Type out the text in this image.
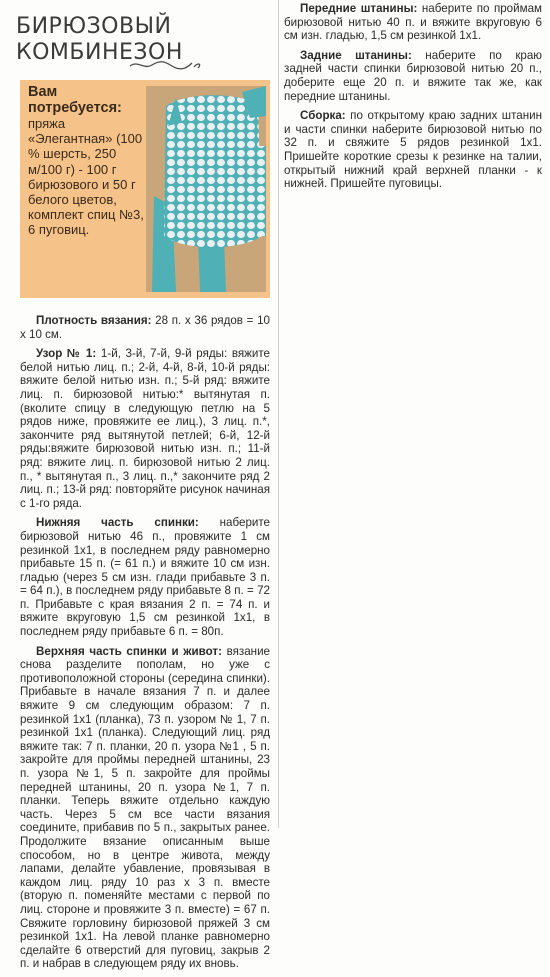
БИРЮЗОВЫЙ
КОМБИНЕЗОН
Вам
потребуется:
пряжа «Элегантная» (100 % шерсть, 250 м/100 г) - 100 г бирюзового и 50 г белого цветов, комплект спиц №3, 6 пуговиц.

Плотность вязания: 28 п. х 36 рядов = 10 х 10 см.

Узор № 1: 1-й, 3-й, 7-й, 9-й ряды: вяжите белой нитью лиц. п.; 2-й, 4-й, 8-й, 10-й ряды: вяжите белой нитью изн. п.; 5-й ряд: вяжите лиц. п. бирюзовой нитью:* вытянутая п. (вколите спицу в следующую петлю на 5 рядов ниже, провяжите ее лиц.), 3 лиц. п.*, закончите ряд вытянутой петлей; 6-й, 12-й ряды:вяжите бирюзовой нитью изн. п.; 11-й ряд: вяжите лиц. п. бирюзовой нитью 2 лиц. п., * вытянутая п., 3 лиц. п.,* закончите ряд 2 лиц. п.; 13-й ряд: повторяйте рисунок начиная с 1-го ряда.

Нижняя часть спинки: наберите бирюзовой нитью 46 п., провяжите 1 см резинкой 1x1, в последнем ряду равномерно прибавьте 15 п. (= 61 п.) и вяжите 10 см изн. гладью (через 5 см изн. глади прибавьте 3 п. = 64 п.), в последнем ряду прибавьте 8 п. = 72 п. Прибавьте с края вязания 2 п. = 74 п. и вяжите вкруговую 1,5 см резинкой 1x1, в последнем ряду прибавьте 6 п. = 80п.

Верхняя часть спинки и живот: вязание снова разделите пополам, но уже с противоположной стороны (середина спинки). Прибавьте в начале вязания 7 п. и далее вяжите 9 см следующим образом: 7 п. резинкой 1x1 (планка), 73 п. узором № 1, 7 п. резинкой 1x1 (планка). Следующий лиц. ряд вяжите так: 7 п. планки, 20 п. узора №1 , 5 п. закройте для проймы передней штанины, 23 п. узора №1, 5 п. закройте для проймы передней штанины, 20 п. узора №1, 7 п. планки. Теперь вяжите отдельно каждую часть. Через 5 см все части вязания соедините, прибавив по 5 п., закрытых ранее. Продолжите вязание описанным выше способом, но в центре живота, между лапами, делайте убавление, провязывая в каждом лиц. ряду 10 раз х 3 п. вместе (вторую п. поменяйте местами с первой по лиц. стороне и провяжите 3 п. вместе) = 67 п. Свяжите горловину бирюзовой пряжей 3 см резинкой 1x1. На левой планке равномерно сделайте 6 отверстий для пуговиц, закрыв 2 п. и набрав в следующем ряду их вновь.

Передние штанины: наберите по проймам бирюзовой нитью 40 п. и вяжите вкруговую 6 см изн. гладью, 1,5 см резинкой 1x1.

Задние штанины: наберите по краю задней части спинки бирюзовой нитью 20 п., доберите еще 20 п. и вяжите так же, как передние штанины.

Сборка: по открытому краю задних штанин и части спинки наберите бирюзовой нитью по 32 п. и свяжите 5 рядов резинкой 1x1. Пришейте короткие срезы к резинке на талии, открытый нижний край верхней планки - к нижней. Пришейте пуговицы.
